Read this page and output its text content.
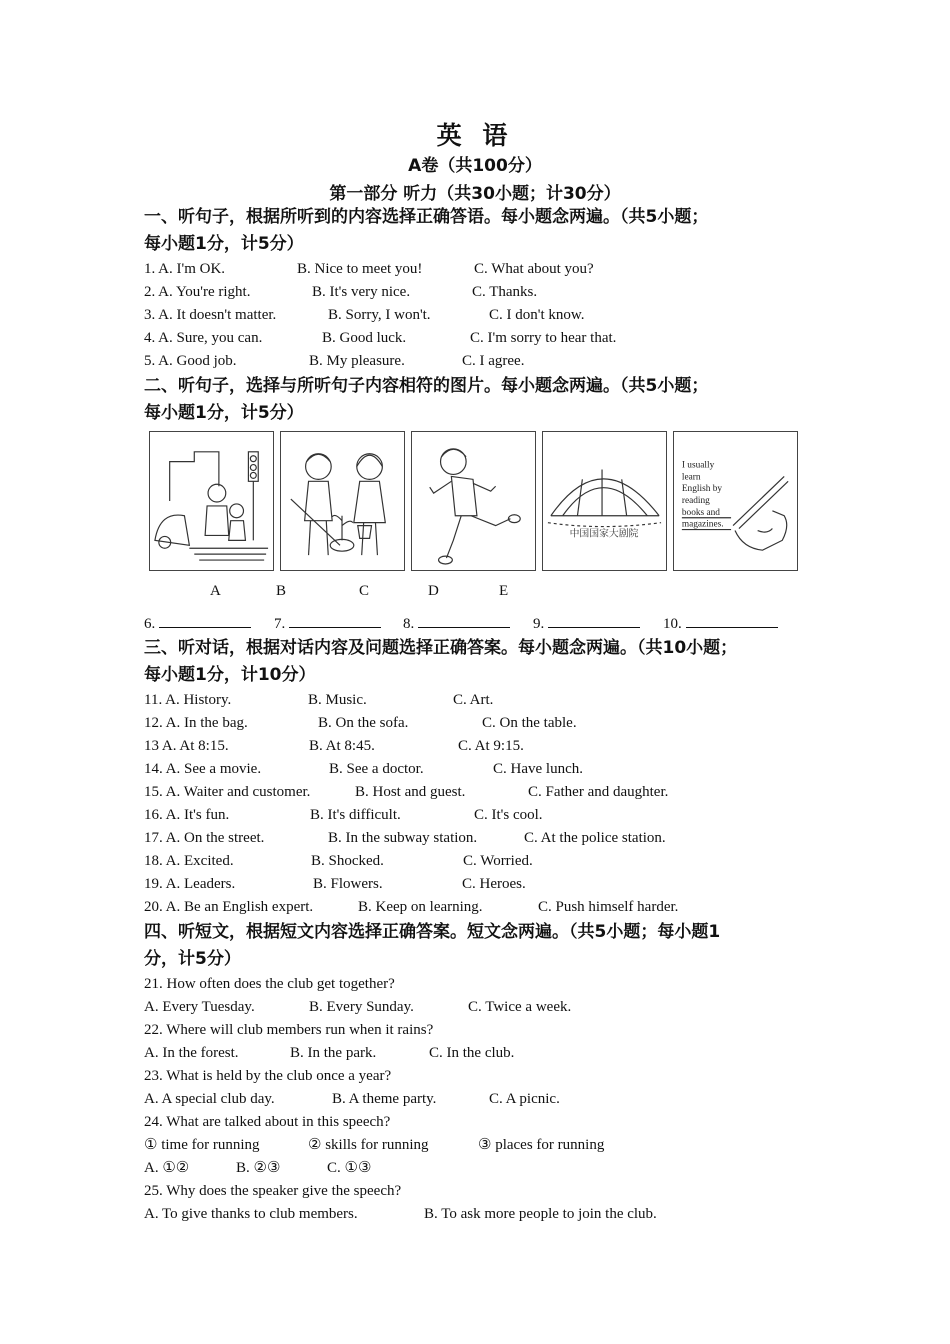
英 语
A卷（共100分）
第一部分 听力（共30小题；计30分）

一、听句子，根据所听到的内容选择正确答语。每小题念两遍。（共5小题；

每小题1分，计5分）

1. A. I'm OK.	B. Nice to meet you!	C. What about you?
2. A. You're right.	B. It's very nice.	C. Thanks.
3. A. It doesn't matter.	B. Sorry, I won't.	C. I don't know.
4. A. Sure, you can.	B. Good luck.	C. I'm sorry to hear that.
5. A. Good job.	B. My pleasure.	C. I agree.

二、听句子，选择与所听句子内容相符的图片。每小题念两遍。（共5小题；

每小题1分，计5分）

中国国家大剧院
I usually
learn
English by
reading
books and
magazines.
A	B	C	D	E
6.	7.	8.	9.	10.

三、听对话，根据对话内容及问题选择正确答案。每小题念两遍。（共10小题；

每小题1分，计10分）

11. A. History.	B. Music.	C. Art.
12. A. In the bag.	B. On the sofa.	C. On the table.
13 A. At 8:15.	B. At 8:45.	C. At 9:15.
14. A. See a movie.	B. See a doctor.	C. Have lunch.
15. A. Waiter and customer.	B. Host and guest.	C. Father and daughter.
16. A. It's fun.	B. It's difficult.	C. It's cool.
17. A. On the street.	B. In the subway station.	C. At the police station.
18. A. Excited.	B. Shocked.	C. Worried.
19. A. Leaders.	B. Flowers.	C. Heroes.
20. A. Be an English expert.	B. Keep on learning.	C. Push himself harder.

四、听短文，根据短文内容选择正确答案。短文念两遍。（共5小题；每小题1

分，计5分）

21. How often does the club get together?
A. Every Tuesday.	B. Every Sunday.	C. Twice a week.
22. Where will club members run when it rains?
A. In the forest.	B. In the park.	C. In the club.
23. What is held by the club once a year?
A. A special club day.	B. A theme party.	C. A picnic.
24. What are talked about in this speech?
① time for running	② skills for running	③ places for running
A. ①②	B. ②③	C. ①③
25. Why does the speaker give the speech?
A. To give thanks to club members.	B. To ask more people to join the club.
